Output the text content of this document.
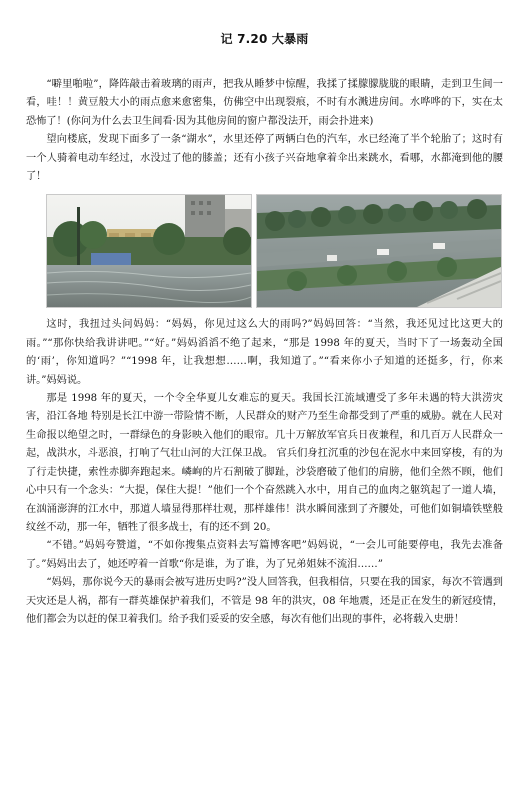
记 7.20 大暴雨

“噼里啪啦”，降阵敲击着玻璃的雨声，把我从睡梦中惊醒，我揉了揉朦朦胧胧的眼睛，走到卫生间一看，哇！！黄豆般大小的雨点愈来愈密集，仿佛空中出现裂痕，不时有水溅进房间。水哗哗的下，实在太恐怖了！(你问为什么去卫生间看·因为其他房间的窗户都没法开，雨会扑进来)

望向楼底，发现下面多了一条“湖水”，水里还停了两辆白色的汽车，水已经淹了半个轮胎了；这时有一个人骑着电动车经过，水没过了他的膝盖；还有小孩子兴奋地拿着伞出来跳水，看哪，水都淹到他的腰了！

这时，我扭过头问妈妈：“妈妈，你见过这么大的雨吗?”妈妈回答：“当然，我还见过比这更大的雨。”“那你快给我讲讲吧。”“好。”妈妈滔滔不绝了起来，“那是 1998 年的夏天，当时下了一场轰动全国的‘雨’，你知道吗？”“1998 年，让我想想……啊，我知道了。”“看来你小子知道的还挺多，行，你来讲。”妈妈说。

那是 1998 年的夏天，一个令全华夏儿女难忘的夏天。我国长江流域遭受了多年未遇的特大洪涝灾害，沿江各地 特别是长江中游一带险情不断，人民群众的财产乃至生命都受到了严重的威胁。就在人民对生命报以绝望之时，一群绿色的身影映入他们的眼帘。几十万解放军官兵日夜兼程，和几百万人民群众一起，战洪水，斗恶浪，打响了气壮山河的大江保卫战。 官兵们身扛沉重的沙包在泥水中来回穿梭，有的为了行走快捷，索性赤脚奔跑起来。嶙峋的片石割破了脚趾，沙袋磨破了他们的肩膀，他们全然不顾，他们心中只有一个念头：“大提，保住大提！”他们一个个奋然跳入水中，用自己的血肉之躯筑起了一道人墙，在汹涌澎湃的江水中，那道人墙显得那样壮观，那样雄伟！洪水瞬间涨到了齐腰处，可他们如铜墙铁壁般纹丝不动，那一年，牺牲了很多战士，有的还不到 20。

“不错。”妈妈夸赞道，“不如你搜集点资料去写篇博客吧”妈妈说，“一会儿可能要停电，我先去准备了。”妈妈出去了，她还哼着一首歌“你是谁，为了谁，为了兄弟姐妹不流泪……”

“妈妈，那你说今天的暴雨会被写进历史吗?”没人回答我，但我相信，只要在我的国家，每次不管遇到天灾还是人祸，都有一群英雄保护着我们，不管是 98 年的洪灾，08 年地震，还是正在发生的新冠疫情，他们都会为以赶的保卫着我们。给予我们妥妥的安全感，每次有他们出现的事件，必将载入史册！
